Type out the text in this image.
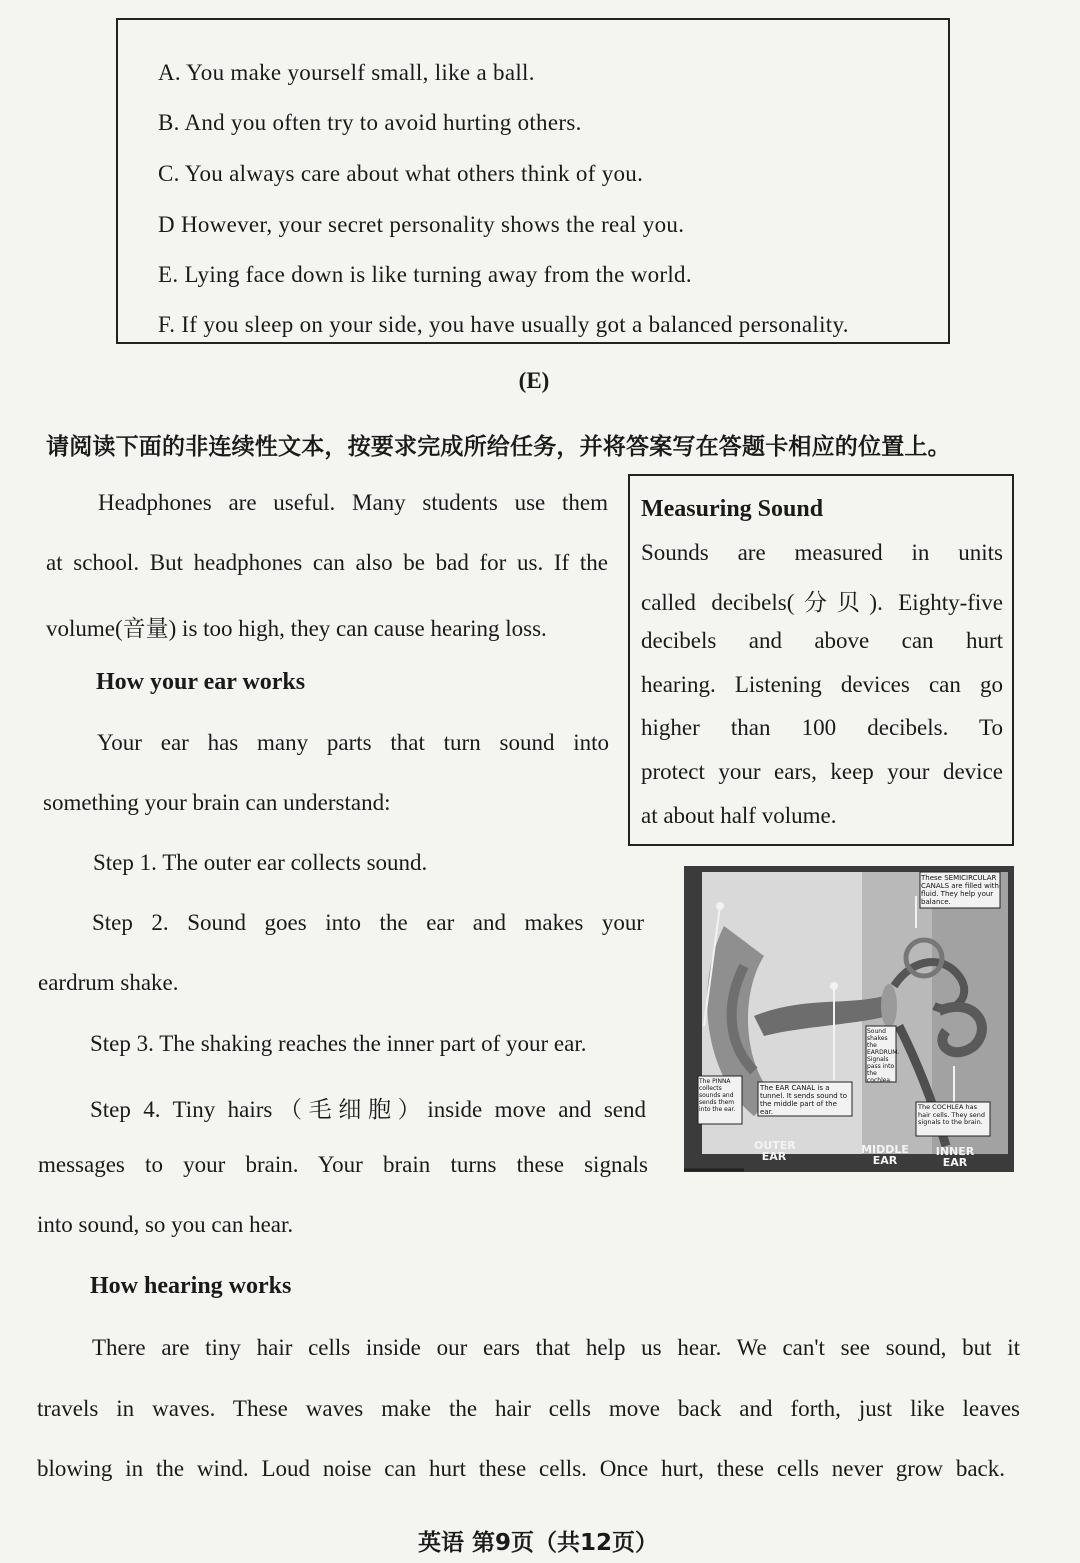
A. You make yourself small, like a ball.
B. And you often try to avoid hurting others.
C. You always care about what others think of you.
D However, your secret personality shows the real you.
E. Lying face down is like turning away from the world.
F. If you sleep on your side, you have usually got a balanced personality.
(E)
请阅读下面的非连续性文本，按要求完成所给任务，并将答案写在答题卡相应的位置上。
Headphones are useful. Many students use them
at school. But headphones can also be bad for us. If the
volume(音量) is too high, they can cause hearing loss.
How your ear works
Your ear has many parts that turn sound into
something your brain can understand:
Step 1. The outer ear collects sound.
Step 2. Sound goes into the ear and makes your
eardrum shake.
Step 3. The shaking reaches the inner part of your ear.
Step 4. Tiny hairs（毛细胞）inside move and send
messages to your brain. Your brain turns these signals
into sound, so you can hear.
Measuring Sound
Sounds are measured in units
called decibels(分贝). Eighty-five
decibels and above can hurt
hearing. Listening devices can go
higher than 100 decibels. To
protect your ears, keep your device
at about half volume.
These SEMICIRCULAR CANALS are filled with fluid. They help your balance.
Sound shakes the EARDRUM. Signals pass into the cochlea.
The PINNA collects sounds and sends them into the ear.
The EAR CANAL is a tunnel. It sends sound to the middle part of the ear.
The COCHLEA has hair cells. They send signals to the brain.
OUTER EAR
MIDDLE EAR
INNER EAR
How hearing works
There are tiny hair cells inside our ears that help us hear. We can't see sound, but it
travels in waves. These waves make the hair cells move back and forth, just like leaves
blowing in the wind. Loud noise can hurt these cells. Once hurt, these cells never grow back.
英语 第9页（共12页）
